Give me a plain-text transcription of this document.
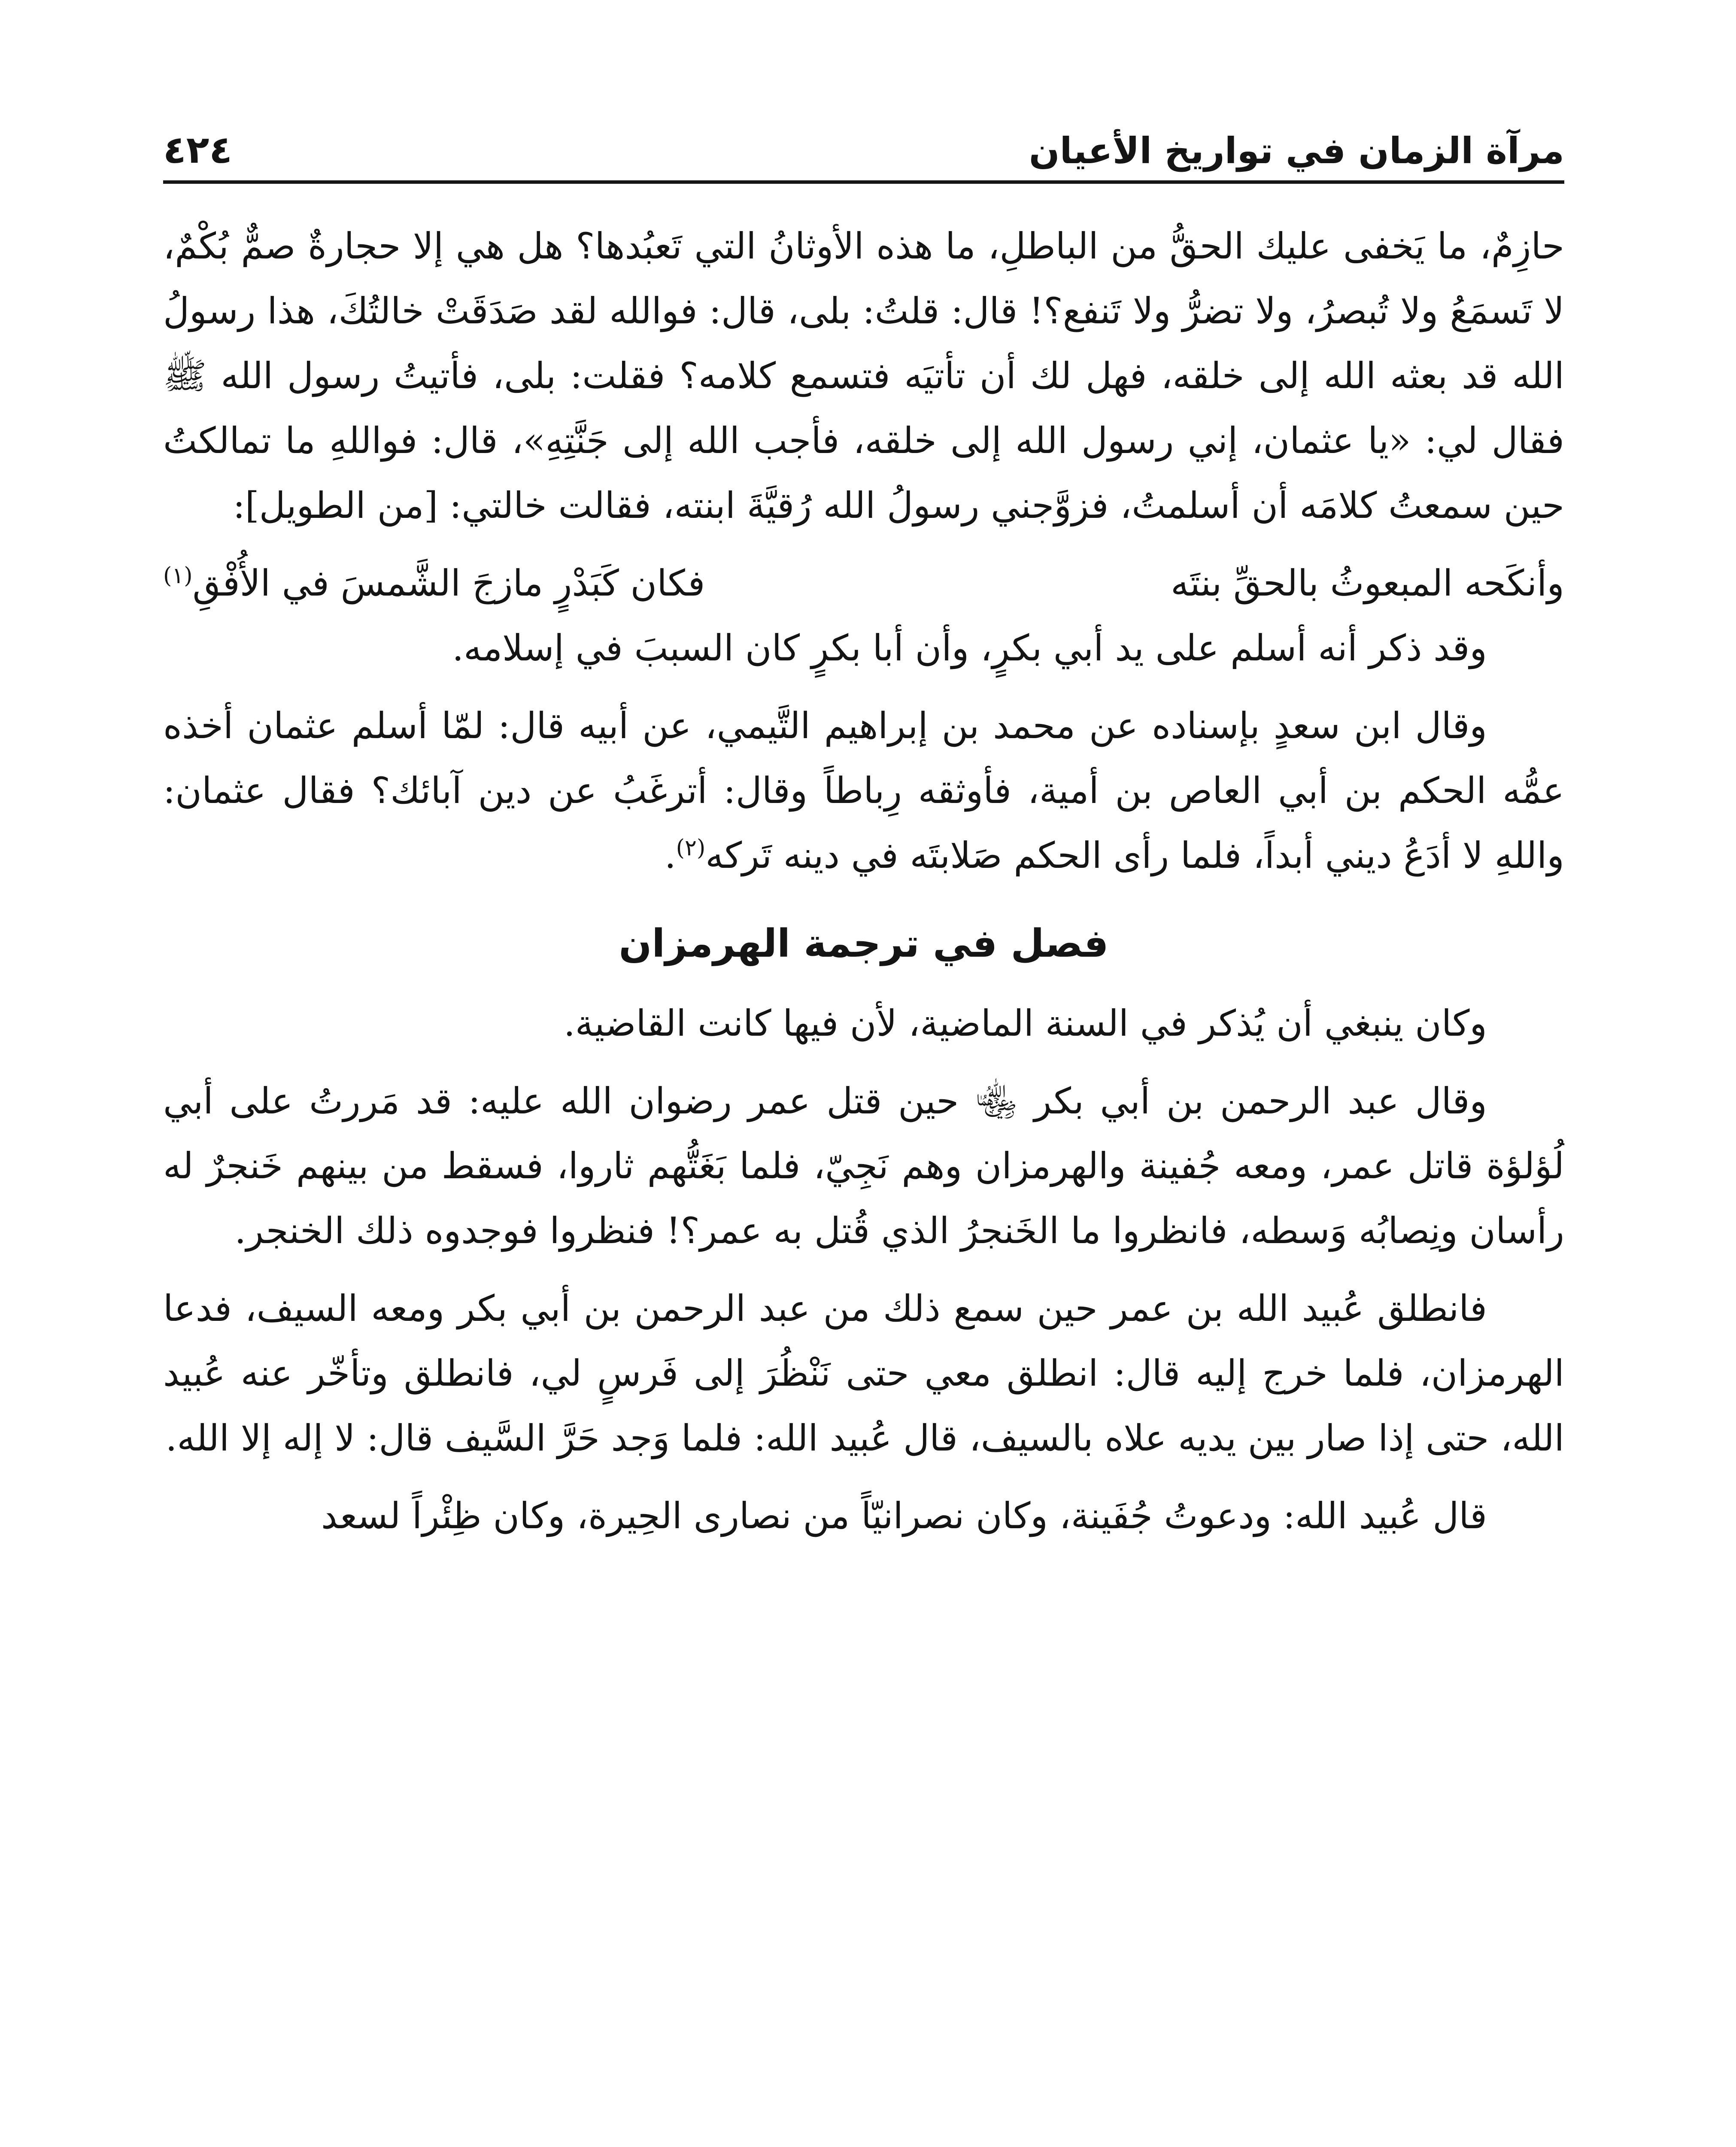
مرآة الزمان في تواريخ الأعيان
٤٢٤

حازِمٌ، ما يَخفى عليك الحقُّ من الباطلِ، ما هذه الأوثانُ التي تَعبُدها؟ هل هي إلا حجارةٌ صمٌّ بُكْمٌ، لا تَسمَعُ ولا تُبصرُ، ولا تضرُّ ولا تَنفع؟! قال: قلتُ: بلى، قال: فوالله لقد صَدَقَتْ خالتُكَ، هذا رسولُ الله قد بعثه الله إلى خلقه، فهل لك أن تأتيَه فتسمع كلامه؟ فقلت: بلى، فأتيتُ رسول الله ﷺ فقال لي: «يا عثمان، إني رسول الله إلى خلقه، فأجب الله إلى جَنَّتِهِ»، قال: فواللهِ ما تمالكتُ حين سمعتُ كلامَه أن أسلمتُ، فزوَّجني رسولُ الله رُقيَّةَ ابنته، فقالت خالتي: [من الطويل]:

وأنكَحه المبعوثُ بالحقِّ بنتَه
فكان كَبَدْرٍ مازجَ الشَّمسَ في الأُفْقِ$^{(١)}$

وقد ذكر أنه أسلم على يد أبي بكرٍ، وأن أبا بكرٍ كان السببَ في إسلامه.

وقال ابن سعدٍ بإسناده عن محمد بن إبراهيم التَّيمي، عن أبيه قال: لمّا أسلم عثمان أخذه عمُّه الحكم بن أبي العاص بن أمية، فأوثقه رِباطاً وقال: أترغَبُ عن دين آبائك؟ فقال عثمان: واللهِ لا أدَعُ ديني أبداً، فلما رأى الحكم صَلابتَه في دينه تَركه$^{(٢)}$.

فصل في ترجمة الهرمزان

وكان ينبغي أن يُذكر في السنة الماضية، لأن فيها كانت القاضية.

وقال عبد الرحمن بن أبي بكر ﵄ حين قتل عمر رضوان الله عليه: قد مَررتُ على أبي لُؤلؤة قاتل عمر، ومعه جُفينة والهرمزان وهم نَجِيّ، فلما بَغَتُّهم ثاروا، فسقط من بينهم خَنجرٌ له رأسان ونِصابُه وَسطه، فانظروا ما الخَنجرُ الذي قُتل به عمر؟! فنظروا فوجدوه ذلك الخنجر.

فانطلق عُبيد الله بن عمر حين سمع ذلك من عبد الرحمن بن أبي بكر ومعه السيف، فدعا الهرمزان، فلما خرج إليه قال: انطلق معي حتى نَنْظُرَ إلى فَرسٍ لي، فانطلق وتأخّر عنه عُبيد الله، حتى إذا صار بين يديه علاه بالسيف، قال عُبيد الله: فلما وَجد حَرَّ السَّيف قال: لا إله إلا الله.

قال عُبيد الله: ودعوتُ جُفَينة، وكان نصرانيّاً من نصارى الحِيرة، وكان ظِئْراً لسعد
